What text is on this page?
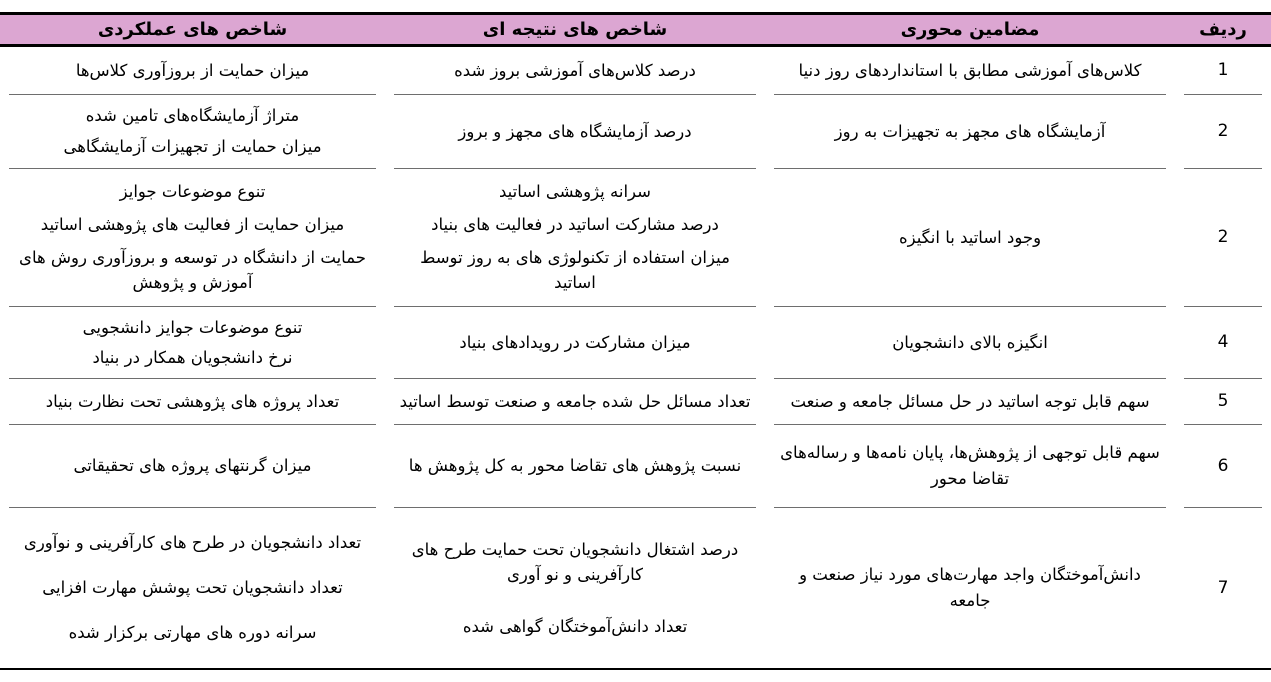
ردیف
مضامین محوری
شاخص های نتیجه ای
شاخص های عملکردی
1
کلاس‌های آموزشی مطابق با استانداردهای روز دنیا
درصد کلاس‌های آموزشی بروز شده
میزان حمایت از بروزآوری کلاس‌ها
2
آزمایشگاه های مجهز به تجهیزات به روز
درصد آزمایشگاه های مجهز و بروز
متراژ آزمایشگاه‌های تامین شده
میزان حمایت از تجهیزات آزمایشگاهی
2
وجود اساتید با انگیزه
سرانه پژوهشی اساتید
درصد مشارکت اساتید در فعالیت های بنیاد
میزان استفاده از تکنولوژی های به روز توسط اساتید
تنوع موضوعات جوایز
میزان حمایت از فعالیت های پژوهشی اساتید
حمایت از دانشگاه در توسعه و بروزآوری روش های آموزش و پژوهش
4
انگیزه بالای دانشجویان
میزان مشارکت در رویدادهای بنیاد
تنوع موضوعات جوایز دانشجویی
نرخ دانشجویان همکار در بنیاد
5
سهم قابل توجه اساتید در حل مسائل جامعه و صنعت
تعداد مسائل حل شده جامعه و صنعت توسط اساتید
تعداد پروژه های پژوهشی تحت نظارت بنیاد
6
سهم قابل توجهی از پژوهش‌ها، پایان نامه‌ها و رساله‌های تقاضا محور
نسبت پژوهش های تقاضا محور به کل پژوهش ها
میزان گرنتهای پروژه های تحقیقاتی
7
دانش‌آموختگان واجد مهارت‌های مورد نیاز صنعت و جامعه
درصد اشتغال دانشجویان تحت حمایت طرح های کارآفرینی و نو آوری
تعداد دانش‌آموختگان گواهی شده
تعداد دانشجویان در طرح های کارآفرینی و نوآوری
تعداد دانشجویان تحت پوشش مهارت افزایی
سرانه دوره های مهارتی برکزار شده
